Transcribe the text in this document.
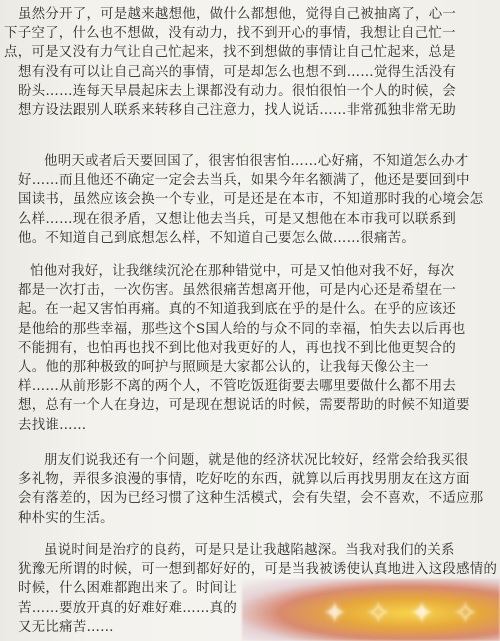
虽然分开了，可是越来越想他，做什么都想他，觉得自己被抽离了，心一
下子空了，什么也不想做，没有动力，找不到开心的事情，我想让自己忙一
点，可是又没有力气让自己忙起来，找不到想做的事情让自己忙起来，总是
想有没有可以让自己高兴的事情，可是却怎么也想不到……觉得生活没有
盼头……连每天早晨起床去上课都没有动力。很怕很怕一个人的时候，会
想方设法跟别人联系来转移自己注意力，找人说话……非常孤独非常无助
他明天或者后天要回国了，很害怕很害怕……心好痛，不知道怎么办才
好……而且他还不确定一定会去当兵，如果今年名额满了，他还是要回到中
国读书，虽然应该会换一个专业，可是还是在本市，不知道那时我的心境会怎
么样……现在很矛盾，又想让他去当兵，可是又想他在本市我可以联系到
他。不知道自己到底想怎么样，不知道自己要怎么做……很痛苦。
怕他对我好，让我继续沉沦在那种错觉中，可是又怕他对我不好，每次
都是一次打击，一次伤害。虽然很痛苦想离开他，可是内心还是希望在一
起。在一起又害怕再痛。真的不知道我到底在乎的是什么。在乎的应该还
是他给的那些幸福，那些这个S国人给的与众不同的幸福，怕失去以后再也
不能拥有，也怕再也找不到比他对我更好的人，再也找不到比他更契合的
人。他的那种极致的呵护与照顾是大家都公认的，让我每天像公主一
样……从前形影不离的两个人，不管吃饭逛街要去哪里要做什么都不用去
想，总有一个人在身边，可是现在想说话的时候，需要帮助的时候不知道要
去找谁……
朋友们说我还有一个问题，就是他的经济状况比较好，经常会给我买很
多礼物，弄很多浪漫的事情，吃好吃的东西，就算以后再找男朋友在这方面
会有落差的，因为已经习惯了这种生活模式，会有失望，会不喜欢，不适应那
种朴实的生活。
虽说时间是治疗的良药，可是只是让我越陷越深。当我对我们的关系
犹豫无所谓的时候，可一想到都好好的，可是当我被诱使认真地进入这段感情的
时候，什么困难都跑出来了。时间让
苦……要放开真的好难好难……真的
又无比痛苦……	✦ ✧ ✦ ✧
